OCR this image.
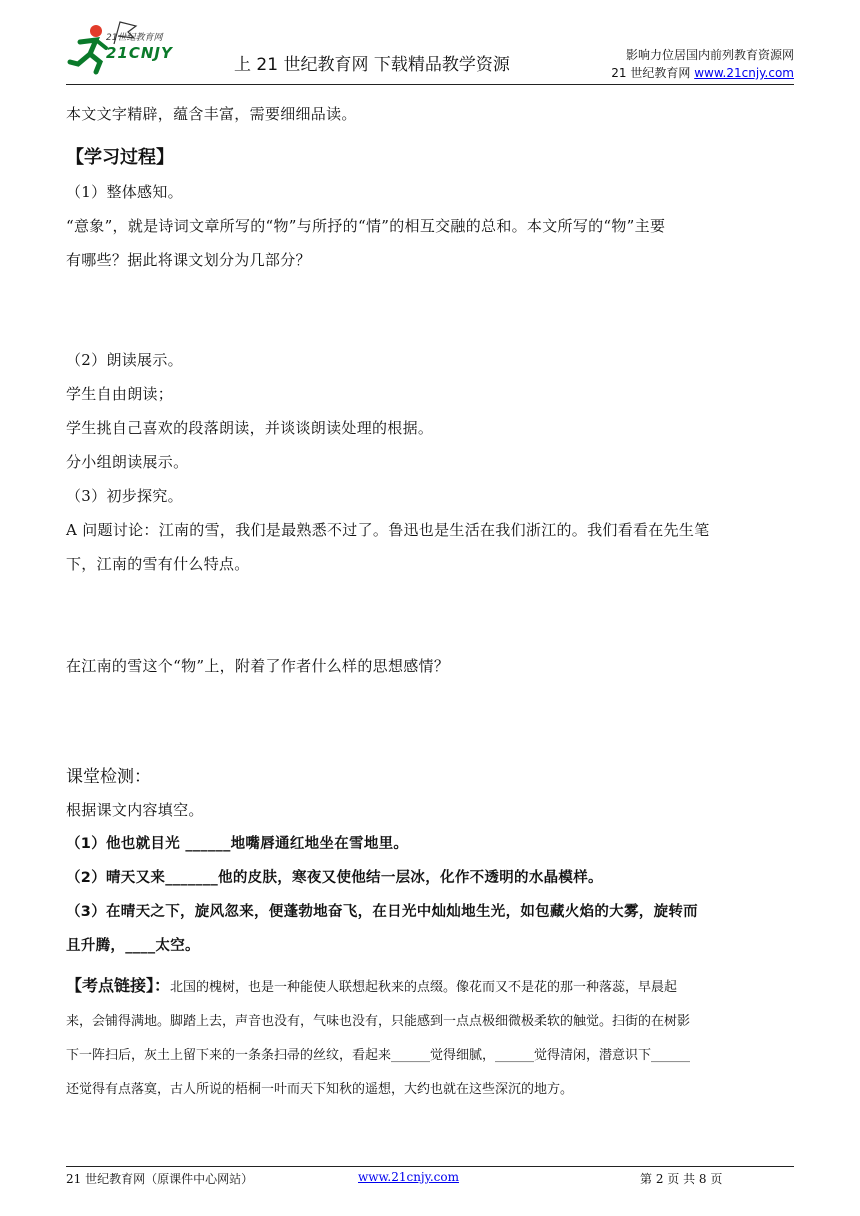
21世纪教育网
21CNJY
上 21 世纪教育网 下载精品教学资源	影响力位居国内前列教育资源网
21 世纪教育网 www.21cnjy.com
本文文字精辟，蕴含丰富，需要细细品读。
【学习过程】
（1）整体感知。
“意象”，就是诗词文章所写的“物”与所抒的“情”的相互交融的总和。本文所写的“物”主要
有哪些？据此将课文划分为几部分？
（2）朗读展示。
学生自由朗读；
学生挑自己喜欢的段落朗读，并谈谈朗读处理的根据。
分小组朗读展示。
（3）初步探究。
A 问题讨论：江南的雪，我们是最熟悉不过了。鲁迅也是生活在我们浙江的。我们看看在先生笔
下，江南的雪有什么特点。
在江南的雪这个“物”上，附着了作者什么样的思想感情？
课堂检测：
根据课文内容填空。
（1）他也就目光 ______地嘴唇通红地坐在雪地里。
（2）晴天又来_______他的皮肤，寒夜又使他结一层冰，化作不透明的水晶模样。
（3）在晴天之下，旋风忽来，便蓬勃地奋飞，在日光中灿灿地生光，如包藏火焰的大雾，旋转而
且升腾，____太空。
【考点链接】：北国的槐树，也是一种能使人联想起秋来的点缀。像花而又不是花的那一种落蕊，早晨起
来，会铺得满地。脚踏上去，声音也没有，气味也没有，只能感到一点点极细微极柔软的触觉。扫街的在树影
下一阵扫后，灰土上留下来的一条条扫帚的丝纹，看起来______觉得细腻，______觉得清闲，潜意识下______
还觉得有点落寞，古人所说的梧桐一叶而天下知秋的遥想，大约也就在这些深沉的地方。
21 世纪教育网（原课件中心网站）	www.21cnjy.com	第 2 页 共 8 页
